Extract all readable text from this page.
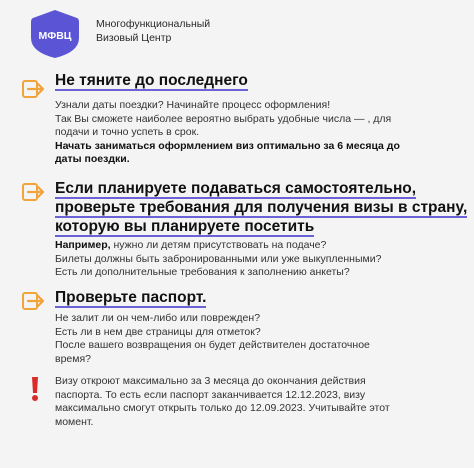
МФВЦ
Многофункциональный
Визовый Центр
Не тяните до последнего

Узнали даты поездки? Начинайте процесс оформления!

Так Вы сможете наиболее вероятно выбрать удобные числа — , для

подачи и точно успеть в срок.

Начать заниматься оформлением виз оптимально за 6 месяца до

даты поездки.

Если планируете подаваться самостоятельно,
проверьте требования для получения визы в страну,
которую вы планируете посетить

Например, нужно ли детям присутствовать на подаче?

Билеты должны быть забронированными или уже выкупленными?

Есть ли дополнительные требования к заполнению анкеты?

Проверьте паспорт.

Не залит ли он чем-либо или поврежден?

Есть ли в нем две страницы для отметок?

После вашего возвращения он будет действителен достаточное

время?

Визу откроют максимально за 3 месяца до окончания действия

паспорта. То есть если паспорт заканчивается 12.12.2023, визу

максимально смогут открыть только до 12.09.2023. Учитывайте этот

момент.
